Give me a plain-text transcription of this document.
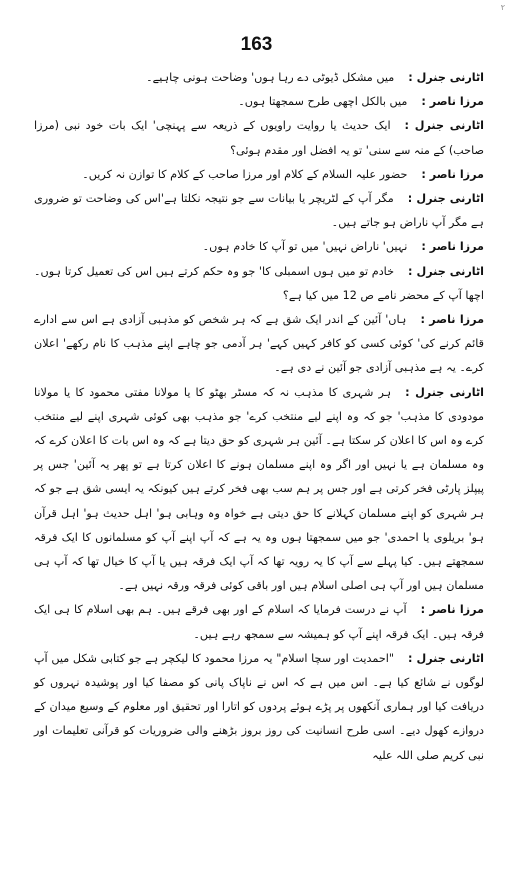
٢
163

اٹارنی جنرل :میں مشکل ڈیوٹی دے رہا ہوں' وضاحت ہونی چاہیے۔

مرزا ناصر :میں بالکل اچھی طرح سمجھتا ہوں۔

اٹارنی جنرل :ایک حدیث یا روایت راویوں کے ذریعہ سے پہنچی' ایک بات خود نبی (مرزا صاحب) کے منہ سے سنی' تو یہ افضل اور مقدم ہوئی؟

مرزا ناصر :حضور علیہ السلام کے کلام اور مرزا صاحب کے کلام کا توازن نہ کریں۔

اٹارنی جنرل :مگر آپ کے لٹریچر یا بیانات سے جو نتیجہ نکلتا ہے'اس کی وضاحت تو ضروری ہے مگر آپ ناراض ہو جاتے ہیں۔

مرزا ناصر :نہیں' ناراض نہیں' میں تو آپ کا خادم ہوں۔

اٹارنی جنرل :خادم تو میں ہوں اسمبلی کا' جو وہ حکم کرتے ہیں اس کی تعمیل کرتا ہوں۔ اچھا آپ کے محضر نامے ص 12 میں کیا ہے؟

مرزا ناصر :ہاں' آئین کے اندر ایک شق ہے کہ ہر شخص کو مذہبی آزادی ہے اس سے ادارے قائم کرنے کی' کوئی کسی کو کافر کہیں کہے' ہر آدمی جو چاہے اپنے مذہب کا نام رکھے' اعلان کرے۔ یہ ہے مذہبی آزادی جو آئین نے دی ہے۔

اٹارنی جنرل :ہر شہری کا مذہب نہ کہ مسٹر بھٹو کا یا مولانا مفتی محمود کا یا مولانا مودودی کا مذہب' جو کہ وہ اپنے لیے منتخب کرے' جو مذہب بھی کوئی شہری اپنے لیے منتخب کرے وہ اس کا اعلان کر سکتا ہے۔ آئین ہر شہری کو حق دیتا ہے کہ وہ اس بات کا اعلان کرے کہ وہ مسلمان ہے یا نہیں اور اگر وہ اپنے مسلمان ہونے کا اعلان کرتا ہے تو پھر یہ آئین' جس پر پیپلز پارٹی فخر کرتی ہے اور جس پر ہم سب بھی فخر کرتے ہیں کیونکہ یہ ایسی شق ہے جو کہ ہر شہری کو اپنے مسلمان کہلانے کا حق دیتی ہے خواہ وہ وہابی ہو' اہل حدیث ہو' اہل قرآن ہو' بریلوی یا احمدی' جو میں سمجھتا ہوں وہ یہ ہے کہ آپ اپنے آپ کو مسلمانوں کا ایک فرقہ سمجھتے ہیں۔ کیا پہلے سے آپ کا یہ رویہ تھا کہ آپ ایک فرقہ ہیں یا آپ کا خیال تھا کہ آپ ہی مسلمان ہیں اور آپ ہی اصلی اسلام ہیں اور باقی کوئی فرقہ ورقہ نہیں ہے۔

مرزا ناصر :آپ نے درست فرمایا کہ اسلام کے اور بھی فرقے ہیں۔ ہم بھی اسلام کا ہی ایک فرقہ ہیں۔ ایک فرقہ اپنے آپ کو ہمیشہ سے سمجھ رہے ہیں۔

اٹارنی جنرل :"احمدیت اور سچا اسلام" یہ مرزا محمود کا لیکچر ہے جو کتابی شکل میں آپ لوگوں نے شائع کیا ہے۔ اس میں ہے کہ اس نے ناپاک پانی کو مصفا کیا اور پوشیدہ نہروں کو دریافت کیا اور ہماری آنکھوں پر پڑے ہوئے پردوں کو اتارا اور تحقیق اور معلوم کے وسیع میدان کے دروازے کھول دیے۔ اسی طرح انسانیت کی روز بروز بڑھنے والی ضروریات کو قرآنی تعلیمات اور نبی کریم صلی اللہ علیہ
